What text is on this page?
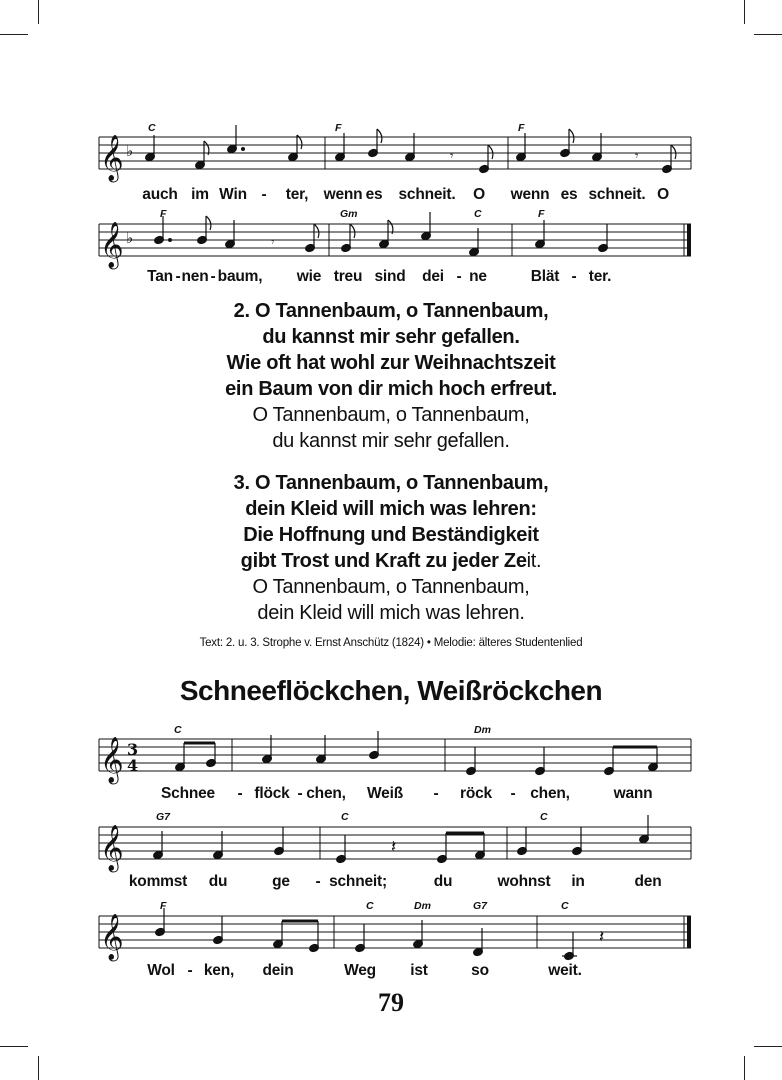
𝄞 ♭	𝄾	𝄾
C	F	F
auch im Win - ter, wenn es schneit. O wenn es schneit. O
𝄞 ♭	𝄾
F	Gm	C	F
Tan - nen - baum, wie treu sind dei - ne	Blät - ter.
2. O Tannenbaum, o Tannenbaum,
du kannst mir sehr gefallen.
Wie oft hat wohl zur Weihnachtszeit
ein Baum von dir mich hoch erfreut.
O Tannenbaum, o Tannenbaum,
du kannst mir sehr gefallen.
3. O Tannenbaum, o Tannenbaum,
dein Kleid will mich was lehren:
Die Hoffnung und Beständigkeit
gibt Trost und Kraft zu jeder Zeit.
O Tannenbaum, o Tannenbaum,
dein Kleid will mich was lehren.
Text: 2. u. 3. Strophe v. Ernst Anschütz (1824) • Melodie: älteres Studentenlied
Schneeflöckchen, Weißröckchen
𝄞 3
4
C	Dm
Schnee - flöck - chen, Weiß - röck - chen,	wann
𝄞	𝄽
G7	C	C
kommst du	ge - schneit;	du	wohnst in	den
𝄞	𝄽
F	C	Dm	G7	C
Wol - ken, dein	Weg ist	so	weit.
79
